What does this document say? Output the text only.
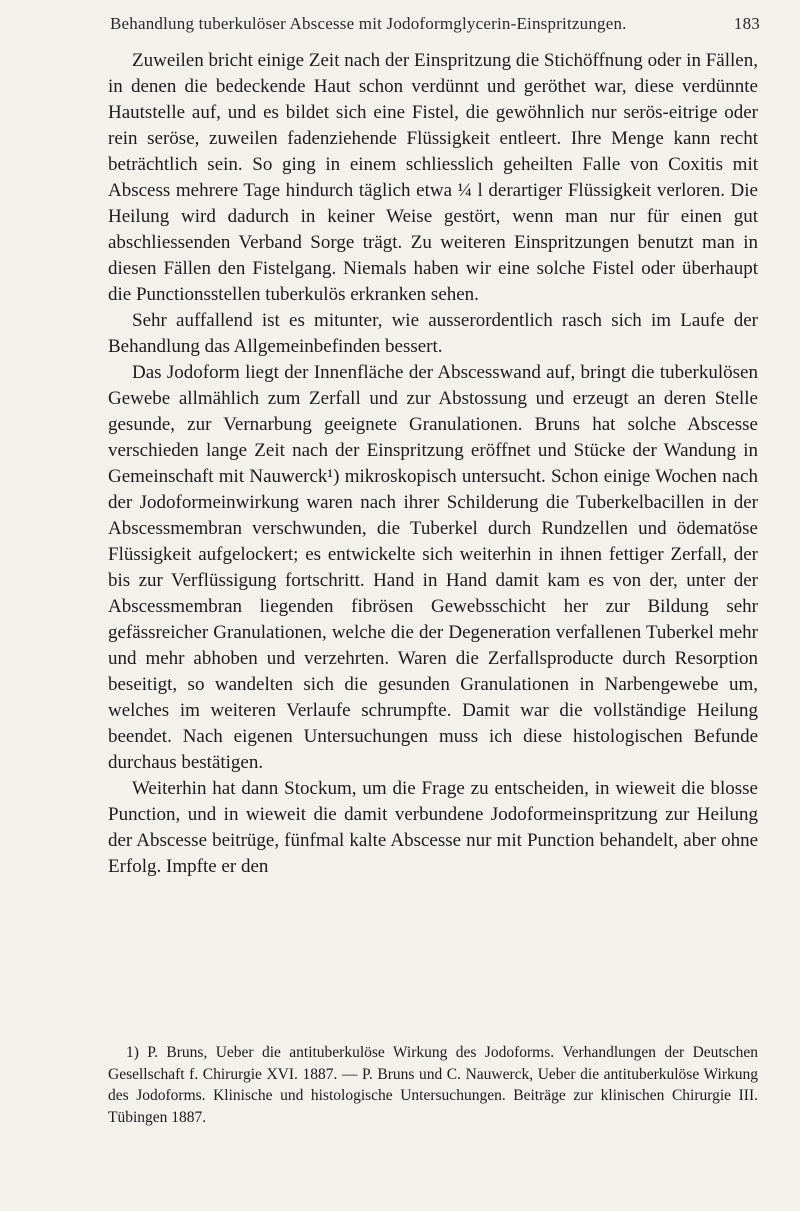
Behandlung tuberkulöser Abscesse mit Jodoformglycerin-Einspritzungen.	183

Zuweilen bricht einige Zeit nach der Einspritzung die Stichöffnung oder in Fällen, in denen die bedeckende Haut schon verdünnt und geröthet war, diese verdünnte Hautstelle auf, und es bildet sich eine Fistel, die gewöhnlich nur serös-eitrige oder rein seröse, zuweilen fadenziehende Flüssigkeit entleert. Ihre Menge kann recht beträchtlich sein. So ging in einem schliesslich geheilten Falle von Coxitis mit Abscess mehrere Tage hindurch täglich etwa ¼ l derartiger Flüssigkeit verloren. Die Heilung wird dadurch in keiner Weise gestört, wenn man nur für einen gut abschliessenden Verband Sorge trägt. Zu weiteren Einspritzungen benutzt man in diesen Fällen den Fistelgang. Niemals haben wir eine solche Fistel oder überhaupt die Punctionsstellen tuberkulös erkranken sehen.

Sehr auffallend ist es mitunter, wie ausserordentlich rasch sich im Laufe der Behandlung das Allgemeinbefinden bessert.

Das Jodoform liegt der Innenfläche der Abscesswand auf, bringt die tuberkulösen Gewebe allmählich zum Zerfall und zur Abstossung und erzeugt an deren Stelle gesunde, zur Vernarbung geeignete Granulationen. Bruns hat solche Abscesse verschieden lange Zeit nach der Einspritzung eröffnet und Stücke der Wandung in Gemeinschaft mit Nauwerck¹) mikroskopisch untersucht. Schon einige Wochen nach der Jodoformeinwirkung waren nach ihrer Schilderung die Tuberkelbacillen in der Abscessmembran verschwunden, die Tuberkel durch Rundzellen und ödematöse Flüssigkeit aufgelockert; es entwickelte sich weiterhin in ihnen fettiger Zerfall, der bis zur Verflüssigung fortschritt. Hand in Hand damit kam es von der, unter der Abscessmembran liegenden fibrösen Gewebsschicht her zur Bildung sehr gefässreicher Granulationen, welche die der Degeneration verfallenen Tuberkel mehr und mehr abhoben und verzehrten. Waren die Zerfallsproducte durch Resorption beseitigt, so wandelten sich die gesunden Granulationen in Narbengewebe um, welches im weiteren Verlaufe schrumpfte. Damit war die vollständige Heilung beendet. Nach eigenen Untersuchungen muss ich diese histologischen Befunde durchaus bestätigen.

Weiterhin hat dann Stockum, um die Frage zu entscheiden, in wieweit die blosse Punction, und in wieweit die damit verbundene Jodoformeinspritzung zur Heilung der Abscesse beitrüge, fünfmal kalte Abscesse nur mit Punction behandelt, aber ohne Erfolg. Impfte er den

1) P. Bruns, Ueber die antituberkulöse Wirkung des Jodoforms. Verhandlungen der Deutschen Gesellschaft f. Chirurgie XVI. 1887. — P. Bruns und C. Nauwerck, Ueber die antituberkulöse Wirkung des Jodoforms. Klinische und histologische Untersuchungen. Beiträge zur klinischen Chirurgie III. Tübingen 1887.
